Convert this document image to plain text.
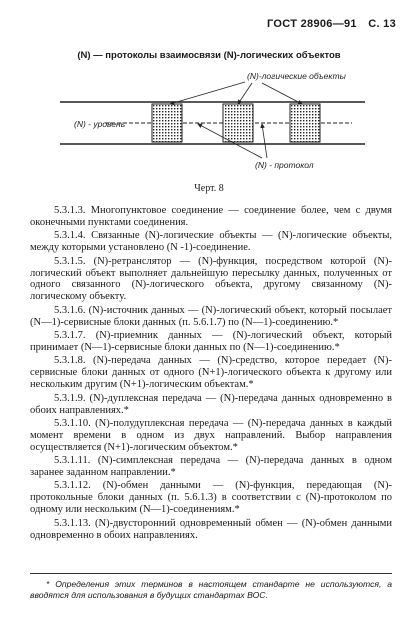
ГОСТ 28906—91 С. 13
(N) — протоколы взаимосвязи (N)-логических объектов
(N)-логические объекты
(N) - уровень
(N) - протокол
Черт. 8

5.3.1.3. Многопунктовое соединение — соединение более, чем с двумя оконечными пунктами соединения.

5.3.1.4. Связанные (N)-логические объекты — (N)-логические объекты, между которыми установлено (N -1)-соединение.

5.3.1.5. (N)-ретранслятор — (N)-функция, посредством которой (N)-логический объект выполняет дальнейшую пересылку данных, полученных от одного связанного (N)-логического объекта, другому связанному (N)-логическому объекту.

5.3.1.6. (N)-источник данных — (N)-логический объект, который посылает (N—1)-сервисные блоки данных (п. 5.6.1.7) по (N—1)-соединению.*

5.3.1.7. (N)-приемник данных — (N)-логический объект, который принимает (N—1)-сервисные блоки данных по (N—1)-соединению.*

5.3.1.8. (N)-передача данных — (N)-средство, которое передает (N)-сервисные блоки данных от одного (N+1)-логического объекта к другому или нескольким другим (N+1)-логическим объектам.*

5.3.1.9. (N)-дуплексная передача — (N)-передача данных одновременно в обоих направлениях.*

5.3.1.10. (N)-полудуплексная передача — (N)-передача данных в каждый момент времени в одном из двух направлений. Выбор направления осуществляется (N+1)-логическим объектом.*

5.3.1.11. (N)-симплексная передача — (N)-передача данных в одном заранее заданном направлении.*

5.3.1.12. (N)-обмен данными — (N)-функция, передающая (N)-протокольные блоки данных (п. 5.6.1.3) в соответствии с (N)-протоколом по одному или нескольким (N—1)-соединениям.*

5.3.1.13. (N)-двусторонний одновременный обмен — (N)-обмен данными одновременно в обоих направлениях.

* Определения этих терминов в настоящем стандарте не используются, а вводятся для использования в будущих стандартах ВОС.
